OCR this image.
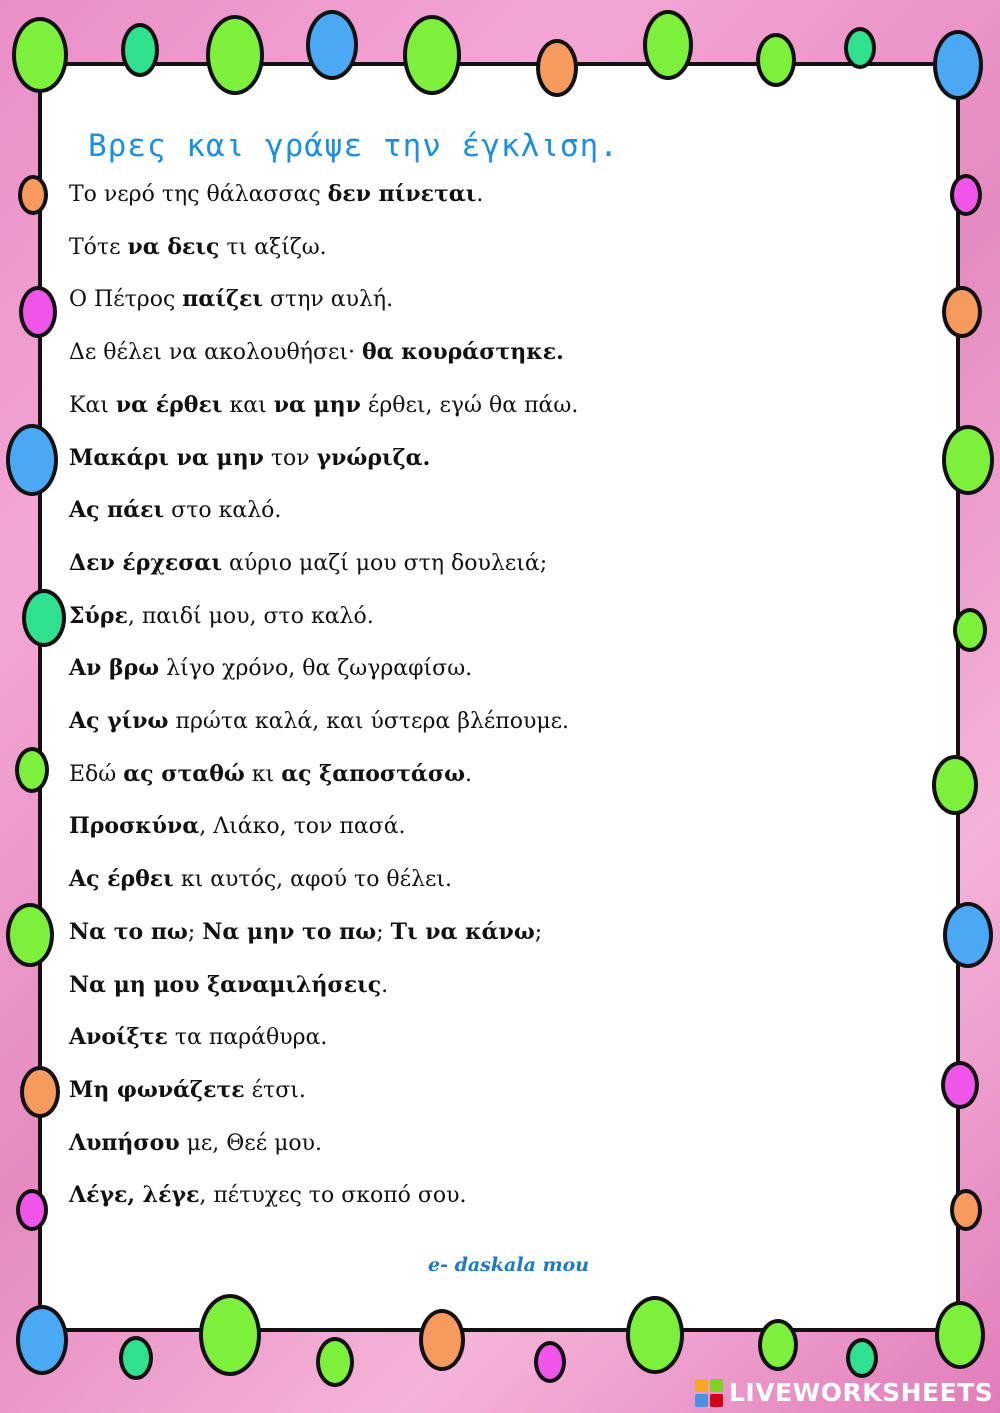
Βρες και γράψε την έγκλιση.

Το νερό της θάλασσας δεν πίνεται.

Τότε να δεις τι αξίζω.

Ο Πέτρος παίζει στην αυλή.

Δε θέλει να ακολουθήσει· θα κουράστηκε.

Και να έρθει και να μην έρθει, εγώ θα πάω.

Μακάρι να μην τον γνώριζα.

Ας πάει στο καλό.

Δεν έρχεσαι αύριο μαζί μου στη δουλειά;

Σύρε, παιδί μου, στο καλό.

Αν βρω λίγο χρόνο, θα ζωγραφίσω.

Ας γίνω πρώτα καλά, και ύστερα βλέπουμε.

Εδώ ας σταθώ κι ας ξαποστάσω.

Προσκύνα, Λιάκο, τον πασά.

Ας έρθει κι αυτός, αφού το θέλει.

Να το πω; Να μην το πω; Τι να κάνω;

Να μη μου ξαναμιλήσεις.

Ανοίξτε τα παράθυρα.

Μη φωνάζετε έτσι.

Λυπήσου με, Θεέ μου.

Λέγε, λέγε, πέτυχες το σκοπό σου.

e- daskala mou

LIVEWORKSHEETS
